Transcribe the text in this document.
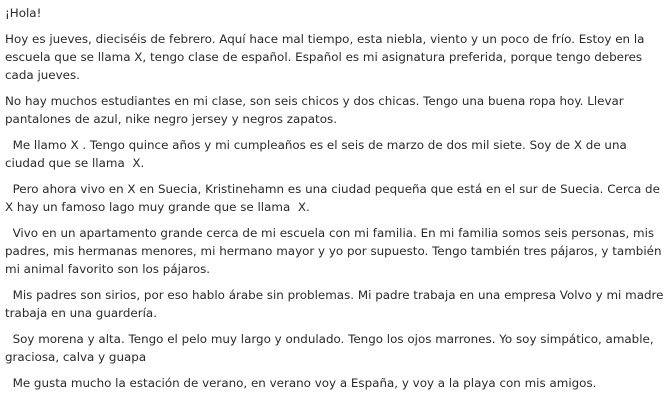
¡Hola!

Hoy es jueves, dieciséis de febrero. Aquí hace mal tiempo, esta niebla, viento y un poco de frío. Estoy en la escuela que se llama X, tengo clase de español. Español es mi asignatura preferida, porque tengo deberes cada jueves.

No hay muchos estudiantes en mi clase, son seis chicos y dos chicas. Tengo una buena ropa hoy. Llevar pantalones de azul, nike negro jersey y negros zapatos.

Me llamo X . Tengo quince años y mi cumpleaños es el seis de marzo de dos mil siete. Soy de X de una ciudad que se llama  X.

Pero ahora vivo en X en Suecia, Kristinehamn es una ciudad pequeña que está en el sur de Suecia. Cerca de X hay un famoso lago muy grande que se llama  X.

Vivo en un apartamento grande cerca de mi escuela con mi familia. En mi familia somos seis personas, mis padres, mis hermanas menores, mi hermano mayor y yo por supuesto. Tengo también tres pájaros, y también mi animal favorito son los pájaros.

Mis padres son sirios, por eso hablo árabe sin problemas. Mi padre trabaja en una empresa Volvo y mi madre trabaja en una guardería.

Soy morena y alta. Tengo el pelo muy largo y ondulado. Tengo los ojos marrones. Yo soy simpático, amable, graciosa, calva y guapa

Me gusta mucho la estación de verano, en verano voy a España, y voy a la playa con mis amigos.
